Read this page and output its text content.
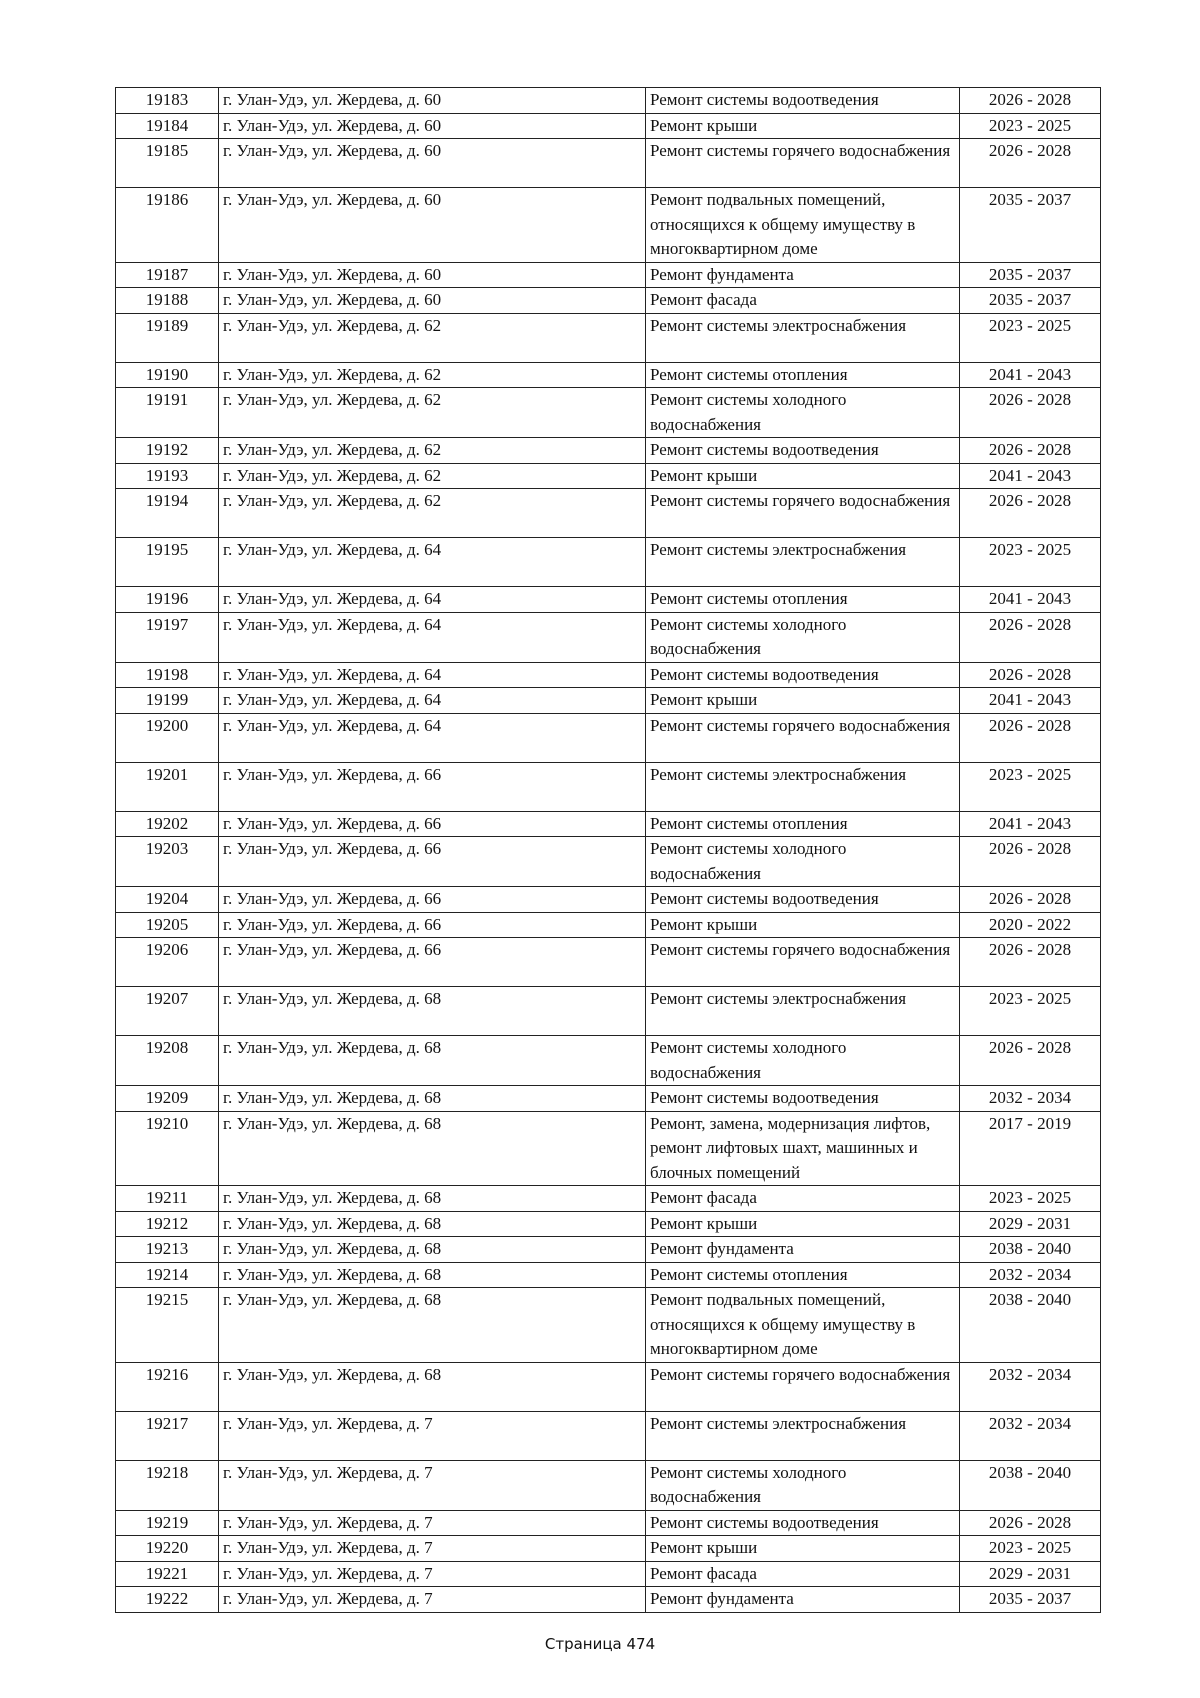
19183	г. Улан-Удэ, ул. Жердева, д. 60	Ремонт системы водоотведения	2026 - 2028
19184	г. Улан-Удэ, ул. Жердева, д. 60	Ремонт крыши	2023 - 2025
19185	г. Улан-Удэ, ул. Жердева, д. 60	Ремонт системы горячего водоснабжения	2026 - 2028
19186	г. Улан-Удэ, ул. Жердева, д. 60	Ремонт подвальных помещений, относящихся к общему имуществу в многоквартирном доме	2035 - 2037
19187	г. Улан-Удэ, ул. Жердева, д. 60	Ремонт фундамента	2035 - 2037
19188	г. Улан-Удэ, ул. Жердева, д. 60	Ремонт фасада	2035 - 2037
19189	г. Улан-Удэ, ул. Жердева, д. 62	Ремонт системы электроснабжения	2023 - 2025
19190	г. Улан-Удэ, ул. Жердева, д. 62	Ремонт системы отопления	2041 - 2043
19191	г. Улан-Удэ, ул. Жердева, д. 62	Ремонт системы холодного водоснабжения	2026 - 2028
19192	г. Улан-Удэ, ул. Жердева, д. 62	Ремонт системы водоотведения	2026 - 2028
19193	г. Улан-Удэ, ул. Жердева, д. 62	Ремонт крыши	2041 - 2043
19194	г. Улан-Удэ, ул. Жердева, д. 62	Ремонт системы горячего водоснабжения	2026 - 2028
19195	г. Улан-Удэ, ул. Жердева, д. 64	Ремонт системы электроснабжения	2023 - 2025
19196	г. Улан-Удэ, ул. Жердева, д. 64	Ремонт системы отопления	2041 - 2043
19197	г. Улан-Удэ, ул. Жердева, д. 64	Ремонт системы холодного водоснабжения	2026 - 2028
19198	г. Улан-Удэ, ул. Жердева, д. 64	Ремонт системы водоотведения	2026 - 2028
19199	г. Улан-Удэ, ул. Жердева, д. 64	Ремонт крыши	2041 - 2043
19200	г. Улан-Удэ, ул. Жердева, д. 64	Ремонт системы горячего водоснабжения	2026 - 2028
19201	г. Улан-Удэ, ул. Жердева, д. 66	Ремонт системы электроснабжения	2023 - 2025
19202	г. Улан-Удэ, ул. Жердева, д. 66	Ремонт системы отопления	2041 - 2043
19203	г. Улан-Удэ, ул. Жердева, д. 66	Ремонт системы холодного водоснабжения	2026 - 2028
19204	г. Улан-Удэ, ул. Жердева, д. 66	Ремонт системы водоотведения	2026 - 2028
19205	г. Улан-Удэ, ул. Жердева, д. 66	Ремонт крыши	2020 - 2022
19206	г. Улан-Удэ, ул. Жердева, д. 66	Ремонт системы горячего водоснабжения	2026 - 2028
19207	г. Улан-Удэ, ул. Жердева, д. 68	Ремонт системы электроснабжения	2023 - 2025
19208	г. Улан-Удэ, ул. Жердева, д. 68	Ремонт системы холодного водоснабжения	2026 - 2028
19209	г. Улан-Удэ, ул. Жердева, д. 68	Ремонт системы водоотведения	2032 - 2034
19210	г. Улан-Удэ, ул. Жердева, д. 68	Ремонт, замена, модернизация лифтов, ремонт лифтовых шахт, машинных и блочных помещений	2017 - 2019
19211	г. Улан-Удэ, ул. Жердева, д. 68	Ремонт фасада	2023 - 2025
19212	г. Улан-Удэ, ул. Жердева, д. 68	Ремонт крыши	2029 - 2031
19213	г. Улан-Удэ, ул. Жердева, д. 68	Ремонт фундамента	2038 - 2040
19214	г. Улан-Удэ, ул. Жердева, д. 68	Ремонт системы отопления	2032 - 2034
19215	г. Улан-Удэ, ул. Жердева, д. 68	Ремонт подвальных помещений, относящихся к общему имуществу в многоквартирном доме	2038 - 2040
19216	г. Улан-Удэ, ул. Жердева, д. 68	Ремонт системы горячего водоснабжения	2032 - 2034
19217	г. Улан-Удэ, ул. Жердева, д. 7	Ремонт системы электроснабжения	2032 - 2034
19218	г. Улан-Удэ, ул. Жердева, д. 7	Ремонт системы холодного водоснабжения	2038 - 2040
19219	г. Улан-Удэ, ул. Жердева, д. 7	Ремонт системы водоотведения	2026 - 2028
19220	г. Улан-Удэ, ул. Жердева, д. 7	Ремонт крыши	2023 - 2025
19221	г. Улан-Удэ, ул. Жердева, д. 7	Ремонт фасада	2029 - 2031
19222	г. Улан-Удэ, ул. Жердева, д. 7	Ремонт фундамента	2035 - 2037
Страница 474
